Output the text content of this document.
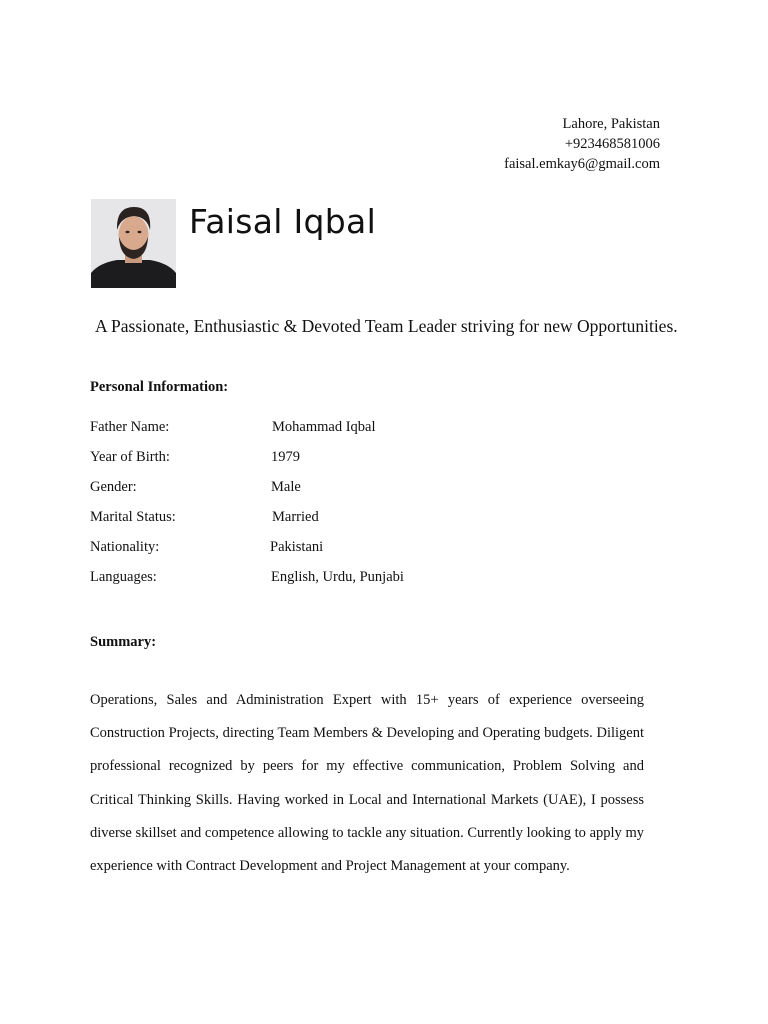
Lahore, Pakistan
+923468581006
faisal.emkay6@gmail.com
Faisal Iqbal
A Passionate, Enthusiastic & Devoted Team Leader striving for new Opportunities.
Personal Information:
Father Name:	Mohammad Iqbal
Year of Birth:	1979
Gender:	Male
Marital Status:	Married
Nationality:	Pakistani
Languages:	English, Urdu, Punjabi
Summary:

Operations, Sales and Administration Expert with 15+ years of experience overseeing Construction Projects, directing Team Members & Developing and Operating budgets. Diligent professional recognized by peers for my effective communication, Problem Solving and Critical Thinking Skills. Having worked in Local and International Markets (UAE), I possess diverse skillset and competence allowing to tackle any situation. Currently looking to apply my experience with Contract Development and Project Management at your company.
